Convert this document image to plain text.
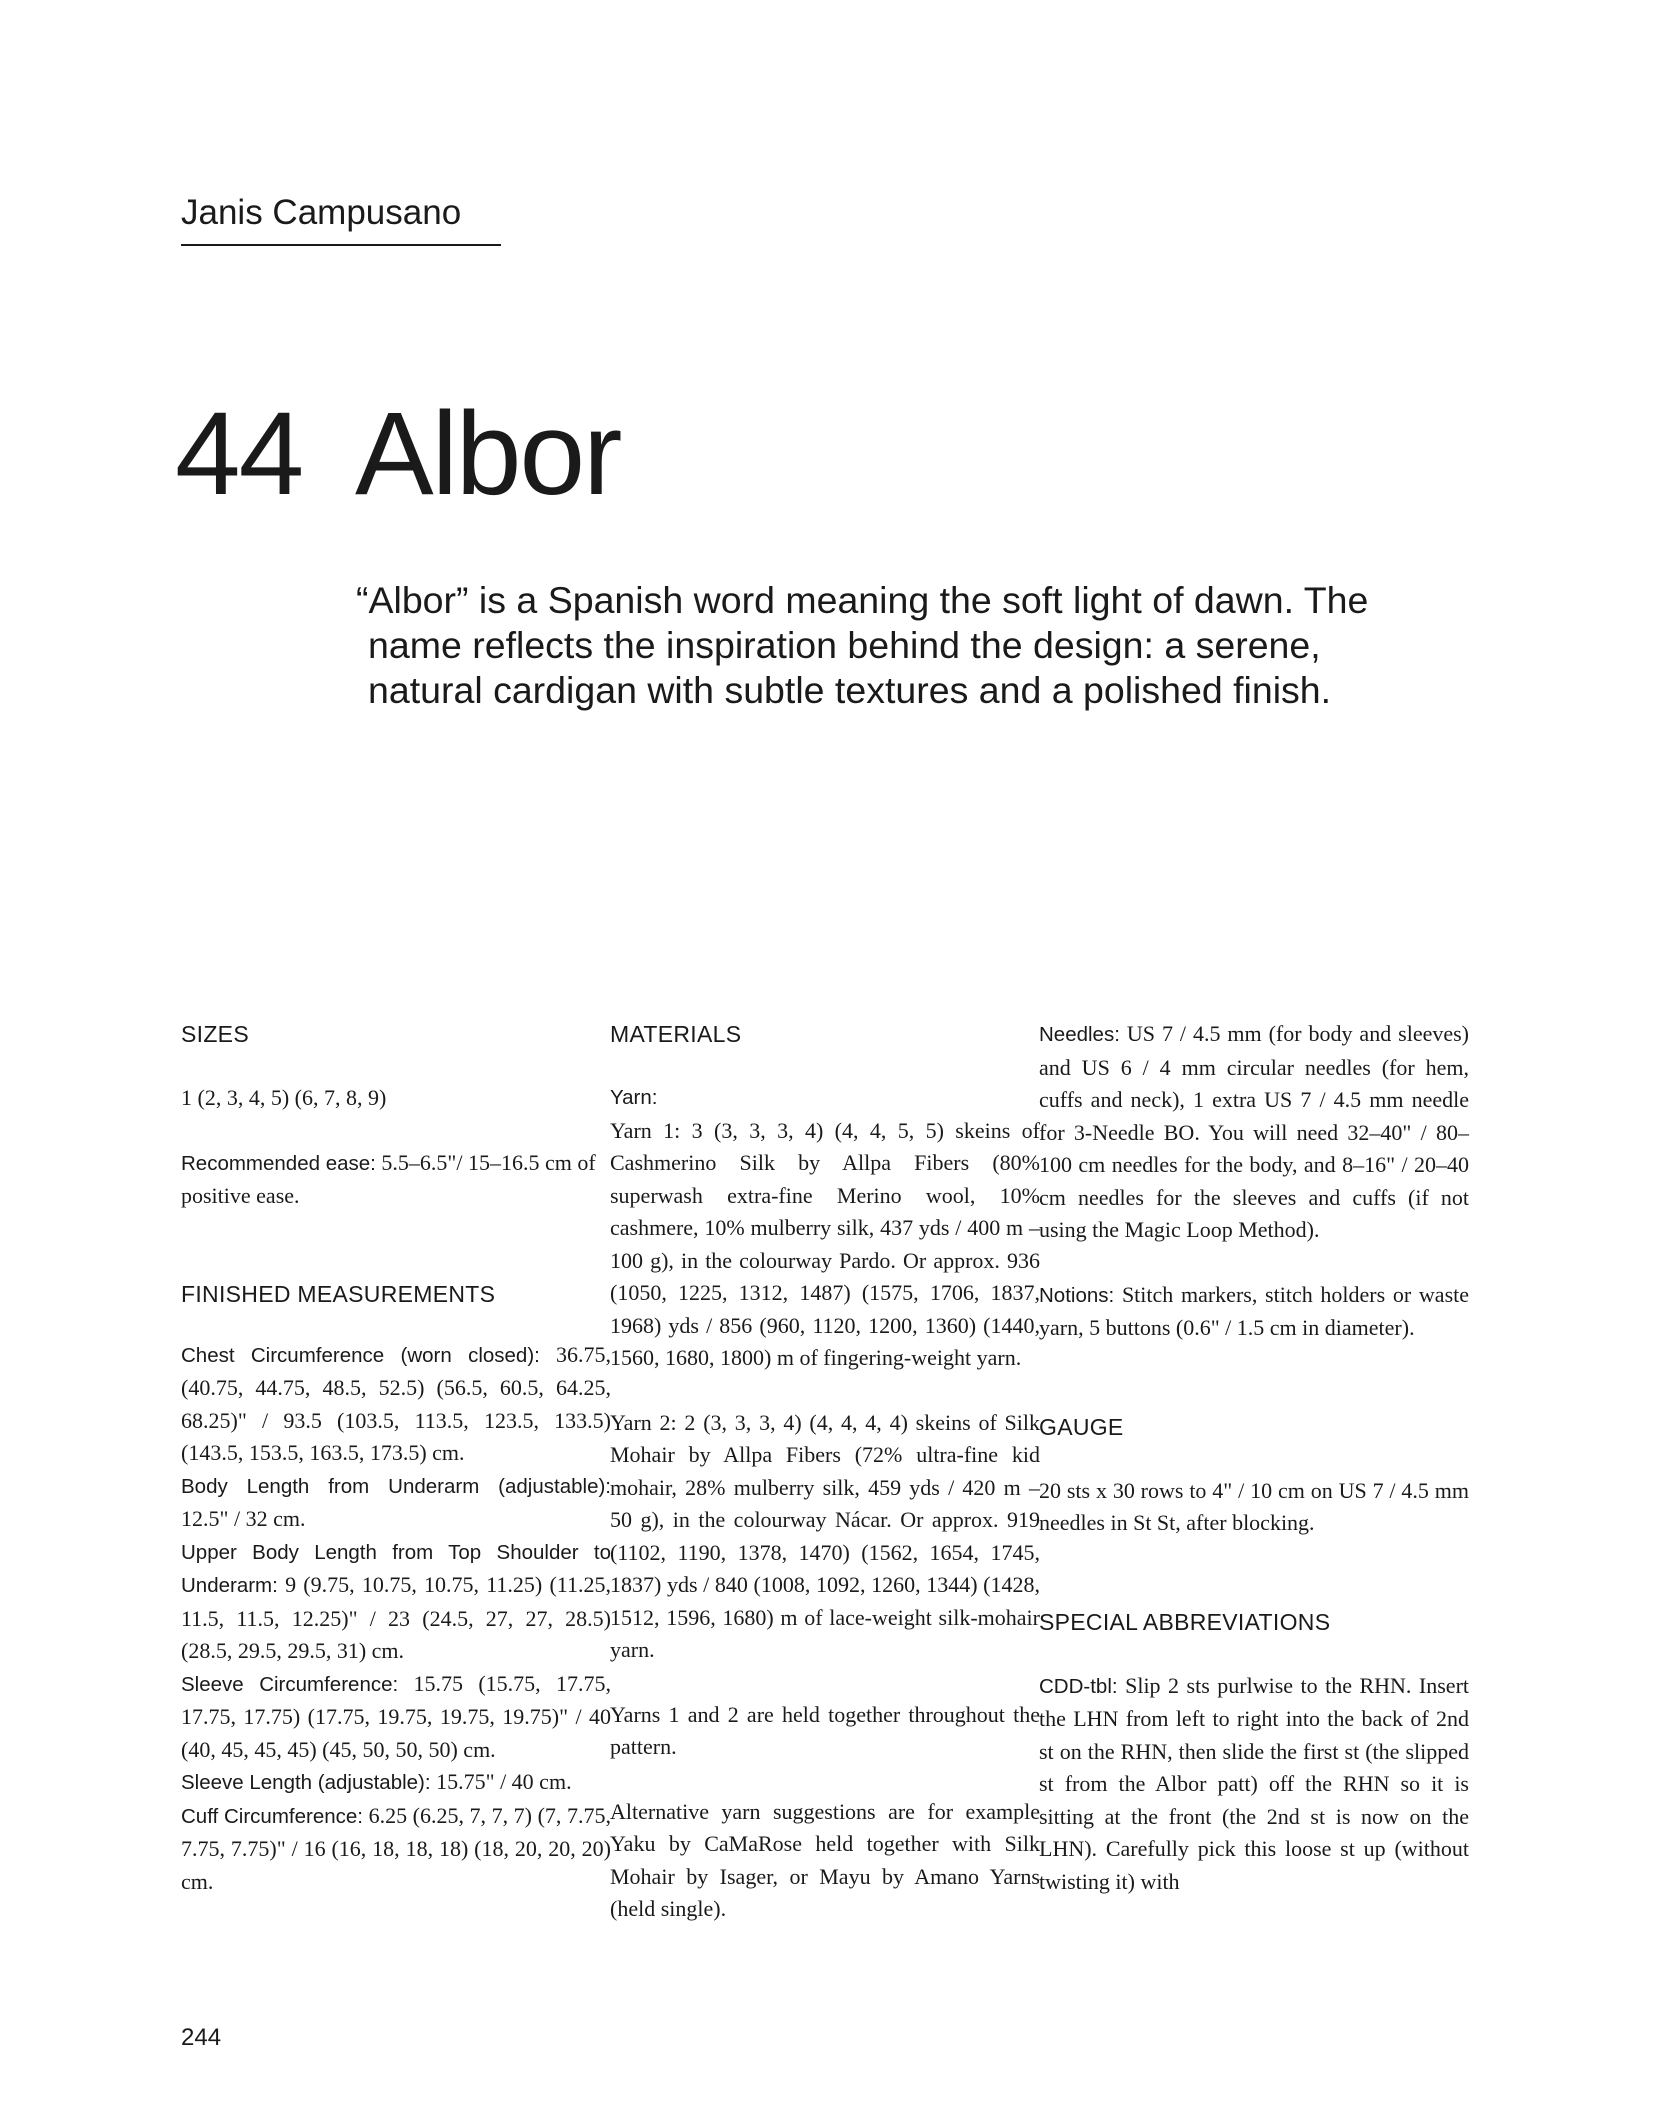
Janis Campusano
44 Albor

“Albor” is a Spanish word meaning the soft light of dawn. The name reflects the inspiration behind the design: a serene, natural cardigan with subtle textures and a polished finish.

SIZES

1 (2, 3, 4, 5) (6, 7, 8, 9)

Recommended ease: 5.5–6.5"/ 15–16.5 cm of positive ease.

FINISHED MEASUREMENTS

Chest Circumference (worn closed): 36.75, (40.75, 44.75, 48.5, 52.5) (56.5, 60.5, 64.25, 68.25)" / 93.5 (103.5, 113.5, 123.5, 133.5) (143.5, 153.5, 163.5, 173.5) cm.

Body Length from Underarm (adjustable): 12.5" / 32 cm.

Upper Body Length from Top Shoulder to Underarm: 9 (9.75, 10.75, 10.75, 11.25) (11.25, 11.5, 11.5, 12.25)" / 23 (24.5, 27, 27, 28.5) (28.5, 29.5, 29.5, 31) cm.

Sleeve Circumference: 15.75 (15.75, 17.75, 17.75, 17.75) (17.75, 19.75, 19.75, 19.75)" / 40 (40, 45, 45, 45) (45, 50, 50, 50) cm.

Sleeve Length (adjustable): 15.75" / 40 cm.

Cuff Circumference: 6.25 (6.25, 7, 7, 7) (7, 7.75, 7.75, 7.75)" / 16 (16, 18, 18, 18) (18, 20, 20, 20) cm.

MATERIALS

Yarn:

Yarn 1: 3 (3, 3, 3, 4) (4, 4, 5, 5) skeins of Cashmerino Silk by Allpa Fibers (80% superwash extra-fine Merino wool, 10% cashmere, 10% mulberry silk, 437 yds / 400 m – 100 g), in the colourway Pardo. Or approx. 936 (1050, 1225, 1312, 1487) (1575, 1706, 1837, 1968) yds / 856 (960, 1120, 1200, 1360) (1440, 1560, 1680, 1800) m of fingering-weight yarn.

Yarn 2: 2 (3, 3, 3, 4) (4, 4, 4, 4) skeins of Silk Mohair by Allpa Fibers (72% ultra-fine kid mohair, 28% mulberry silk, 459 yds / 420 m – 50 g), in the colourway Nácar. Or approx. 919 (1102, 1190, 1378, 1470) (1562, 1654, 1745, 1837) yds / 840 (1008, 1092, 1260, 1344) (1428, 1512, 1596, 1680) m of lace-weight silk-mohair yarn.

Yarns 1 and 2 are held together throughout the pattern.

Alternative yarn suggestions are for example Yaku by CaMaRose held together with Silk Mohair by Isager, or Mayu by Amano Yarns (held single).

Needles: US 7 / 4.5 mm (for body and sleeves) and US 6 / 4 mm circular needles (for hem, cuffs and neck), 1 extra US 7 / 4.5 mm needle for 3-Needle BO. You will need 32–40" / 80–100 cm needles for the body, and 8–16" / 20–40 cm needles for the sleeves and cuffs (if not using the Magic Loop Method).

Notions: Stitch markers, stitch holders or waste yarn, 5 buttons (0.6" / 1.5 cm in diameter).

GAUGE

20 sts x 30 rows to 4" / 10 cm on US 7 / 4.5 mm needles in St St, after blocking.

SPECIAL ABBREVIATIONS

CDD-tbl: Slip 2 sts purlwise to the RHN. Insert the LHN from left to right into the back of 2nd st on the RHN, then slide the first st (the slipped st from the Albor patt) off the RHN so it is sitting at the front (the 2nd st is now on the LHN). Carefully pick this loose st up (without twisting it) with

244
